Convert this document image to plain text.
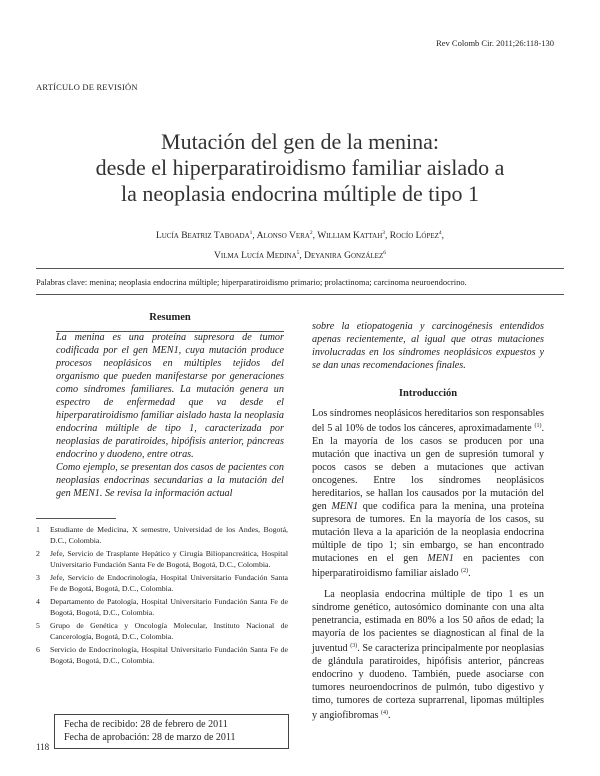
Rev Colomb Cir. 2011;26:118-130
ARTÍCULO DE REVISIÓN
Mutación del gen de la menina:
desde el hiperparatiroidismo familiar aislado a
la neoplasia endocrina múltiple de tipo 1
Lucía Beatriz Taboada$^1$, Alonso Vera$^2$, William Kattah$^3$, Rocío López$^4$,
Vilma Lucía Medina$^5$, Deyanira González$^6$
Palabras clave: menina; neoplasia endocrina múltiple; hiperparatiroidismo primario; prolactinoma; carcinoma neuroendocrino.
Resumen
La menina es una proteína supresora de tumor codificada por el gen MEN1, cuya mutación produce procesos neoplásicos en múltiples tejidos del organismo que pueden manifestarse por generaciones como síndromes familiares. La mutación genera un espectro de enfermedad que va desde el hiperparatiroidismo familiar aislado hasta la neoplasia endocrina múltiple de tipo 1, caracterizada por neoplasias de paratiroides, hipófisis anterior, páncreas endocrino y duodeno, entre otras.
Como ejemplo, se presentan dos casos de pacientes con neoplasias endocrinas secundarias a la mutación del gen MEN1. Se revisa la información actual
1	Estudiante de Medicina, X semestre, Universidad de los Andes, Bogotá, D.C., Colombia.
2	Jefe, Servicio de Trasplante Hepático y Cirugía Biliopancreática, Hospital Universitario Fundación Santa Fe de Bogotá, Bogotá, D.C., Colombia.
3	Jefe, Servicio de Endocrinología, Hospital Universitario Fundación Santa Fe de Bogotá, Bogotá, D.C., Colombia.
4	Departamento de Patología, Hospital Universitario Fundación Santa Fe de Bogotá, Bogotá, D.C., Colombia.
5	Grupo de Genética y Oncología Molecular, Instituto Nacional de Cancerología, Bogotá, D.C., Colombia.
6	Servicio de Endocrinología, Hospital Universitario Fundación Santa Fe de Bogotá, Bogotá, D.C., Colombia.
Fecha de recibido: 28 de febrero de 2011
Fecha de aprobación: 28 de marzo de 2011
118
sobre la etiopatogenia y carcinogénesis entendidos apenas recientemente, al igual que otras mutaciones involucradas en los síndromes neoplásicos expuestos y se dan unas recomendaciones finales.
Introducción
Los síndromes neoplásicos hereditarios son responsables del 5 al 10% de todos los cánceres, aproximadamente $^{(1)}$. En la mayoría de los casos se producen por una mutación que inactiva un gen de supresión tumoral y pocos casos se deben a mutaciones que activan oncogenes. Entre los síndromes neoplásicos hereditarios, se hallan los causados por la mutación del gen MEN1 que codifica para la menina, una proteína supresora de tumores. En la mayoría de los casos, su mutación lleva a la aparición de la neoplasia endocrina múltiple de tipo 1; sin embargo, se han encontrado mutaciones en el gen MEN1 en pacientes con hiperparatiroidismo familiar aislado $^{(2)}$.
La neoplasia endocrina múltiple de tipo 1 es un síndrome genético, autosómico dominante con una alta penetrancia, estimada en 80% a los 50 años de edad; la mayoría de los pacientes se diagnostican al final de la juventud $^{(3)}$. Se caracteriza principalmente por neoplasias de glándula paratiroides, hipófisis anterior, páncreas endocrino y duodeno. También, puede asociarse con tumores neuroendocrinos de pulmón, tubo digestivo y timo, tumores de corteza suprarrenal, lipomas múltiples y angiofibromas $^{(4)}$.
